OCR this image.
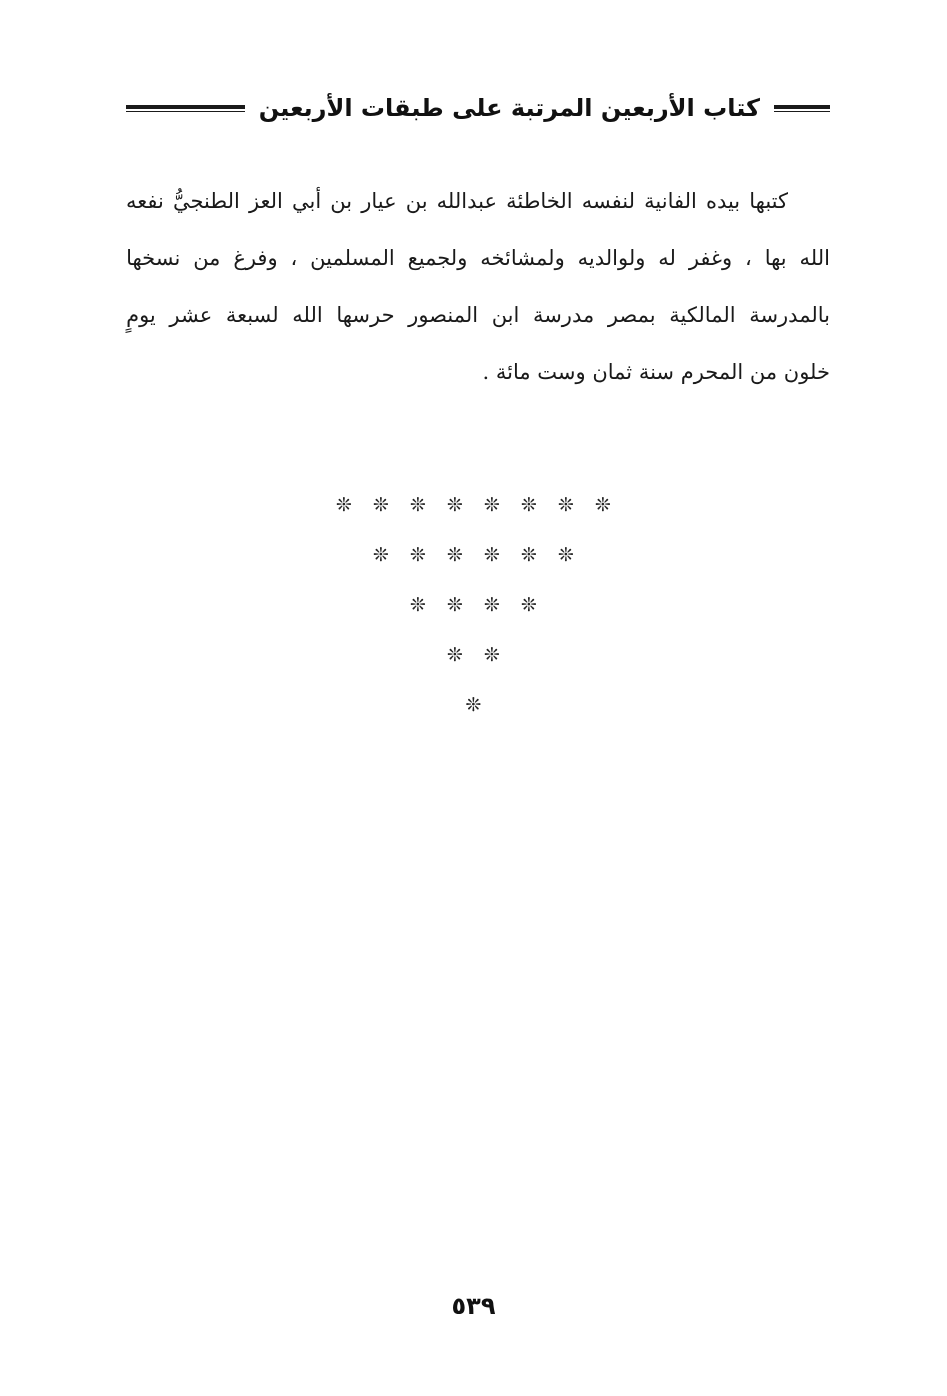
كتاب الأربعين المرتبة على طبقات الأربعين
كتبها
بيده
الفانية
لنفسه
الخاطئة
عبدالله
بن
عيار
بن
أبي
العز
الطنجيُّ
نفعه
الله
بها
،
وغفر
له
ولوالديه
ولمشائخه
ولجميع
المسلمين
،
وفرغ
من
نسخها
بالمدرسة
المالكية
بمصر
مدرسة
ابن
المنصور
حرسها
الله
لسبعة
عشر
يومٍ
خلون من المحرم سنة ثمان وست مائة .
❊ ❊ ❊ ❊ ❊ ❊ ❊ ❊
❊ ❊ ❊ ❊ ❊ ❊
❊ ❊ ❊ ❊
❊ ❊
❊
٥٣٩
